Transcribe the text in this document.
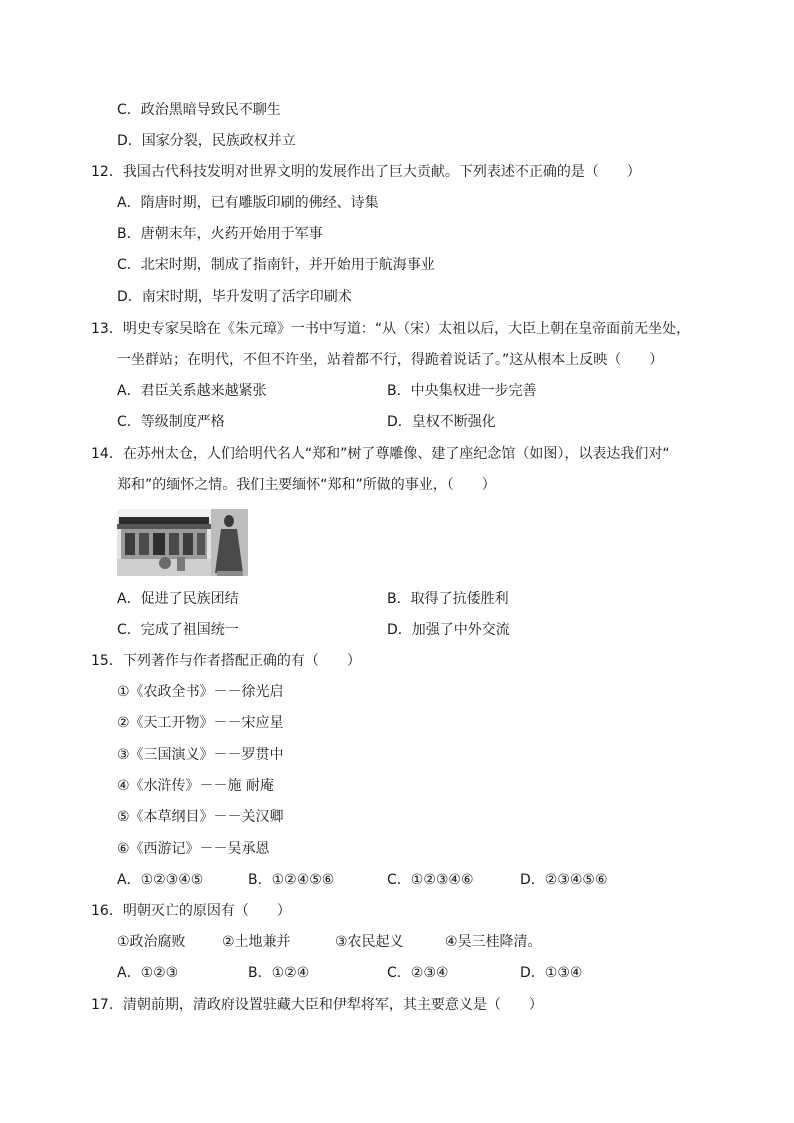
C．政治黑暗导致民不聊生
D．国家分裂，民族政权并立
12．我国古代科技发明对世界文明的发展作出了巨大贡献。下列表述不正确的是（　　）
A．隋唐时期，已有雕版印刷的佛经、诗集
B．唐朝末年，火药开始用于军事
C．北宋时期，制成了指南针，并开始用于航海事业
D．南宋时期，毕升发明了活字印刷术
13．明史专家吴晗在《朱元璋》一书中写道：“从（宋）太祖以后，大臣上朝在皇帝面前无坐处，
一坐群站；在明代，不但不许坐，站着都不行，得跪着说话了。”这从根本上反映（　　）
A．君臣关系越来越紧张	B．中央集权进一步完善
C．等级制度严格	D．皇权不断强化
14．在苏州太仓，人们给明代名人“郑和”树了尊雕像、建了座纪念馆（如图），以表达我们对“
郑和”的缅怀之情。我们主要缅怀“郑和”所做的事业，（　　）
A．促进了民族团结	B．取得了抗倭胜利
C．完成了祖国统一	D．加强了中外交流
15．下列著作与作者搭配正确的有（　　）
①《农政全书》－－徐光启
②《天工开物》－－宋应星
③《三国演义》－－罗贯中
④《水浒传》－－施 耐庵
⑤《本草纲目》－－关汉卿
⑥《西游记》－－吴承恩
A．①②③④⑤	B．①②④⑤⑥	C．①②③④⑥	D．②③④⑤⑥
16．明朝灭亡的原因有（　　）
①政治腐败	②土地兼并	③农民起义	④吴三桂降清。
A．①②③	B．①②④	C．②③④	D．①③④
17．清朝前期，清政府设置驻藏大臣和伊犁将军，其主要意义是（　　）
